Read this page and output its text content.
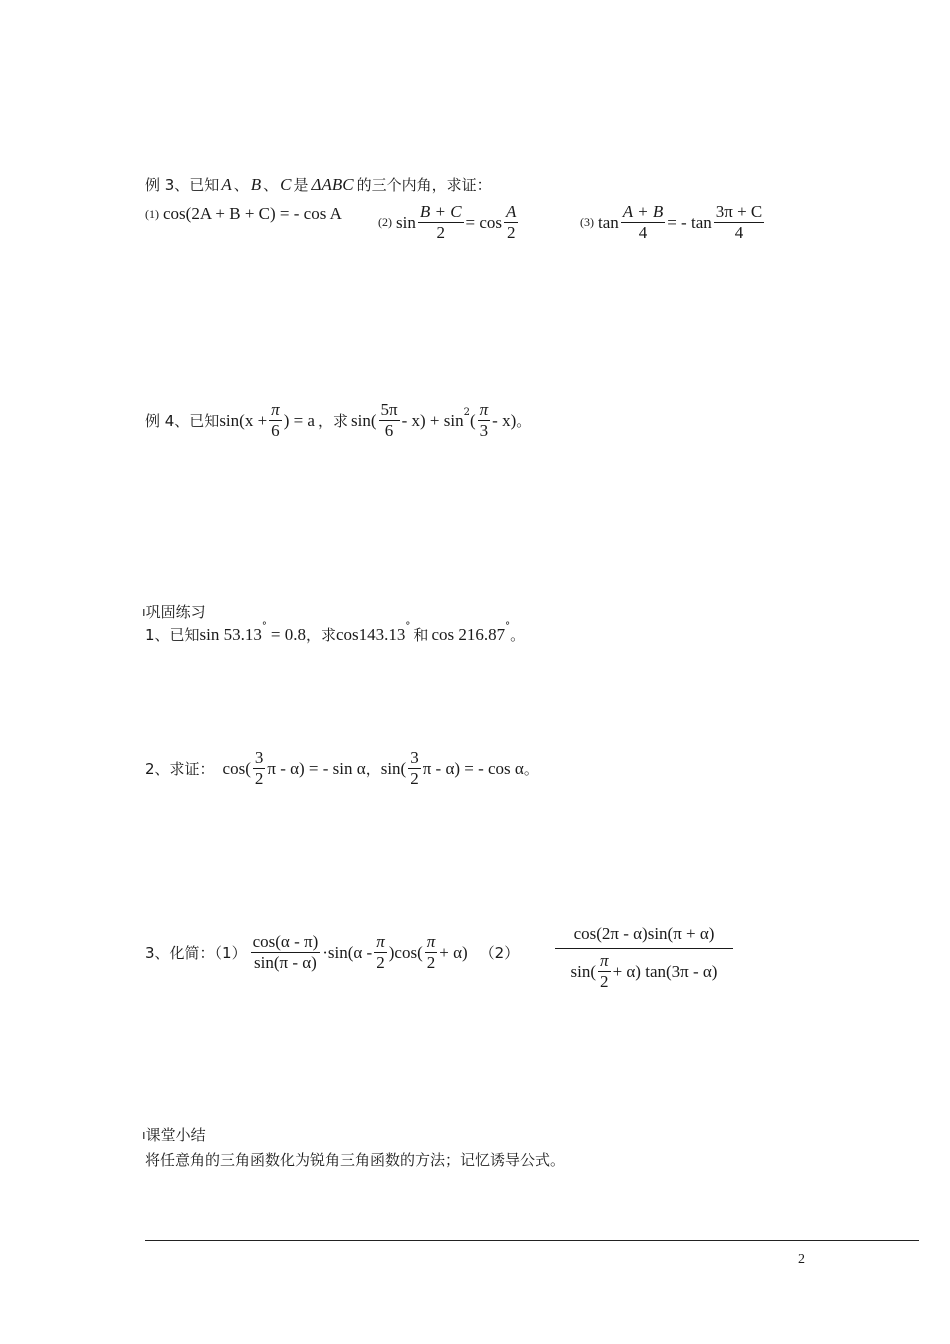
例 3、已知 A 、 B 、 C 是 ΔABC 的三个内角，求证：
(1) cos(2A + B + C) = - cos A	(2) $\sin \frac{B + C}{2} = \cos \frac{A}{2}$	(3) $\tan \frac{A + B}{4}$ = - $\tan \frac{3\pi + C}{4}$
例 4、已知 $\sin(x + \frac{\pi}{6}$ ) = a ，求 $\sin( \frac{5\pi}{6} - x) + \sin 2$ ( $\frac{\pi}{3} - x$) 。
ı 巩固练习
1、已知 sin 53.13 ° = 0.8 ，求 cos143.13 ° 和 cos 216.87 ° 。
2、求证： $\cos( \frac{3}{2}$ π - α) = - sin α ， $\sin( \frac{3}{2}$ π - α) = - cos α 。
3、化简：$(1) \frac{\cos(\alpha - \pi)}{\sin(\pi - \alpha)} \cdot\sin(\alpha - \frac{\pi}{2} )\cos( \frac{\pi}{2} + \alpha)$ $(2) \frac{\cos(2\pi - \alpha)\sin(\pi + \alpha)}{\sin( \frac{\pi}{2} + \alpha) \tan(3\pi - \alpha)}$
ı 课堂小结
将任意角的三角函数化为锐角三角函数的方法；记忆诱导公式。
2
